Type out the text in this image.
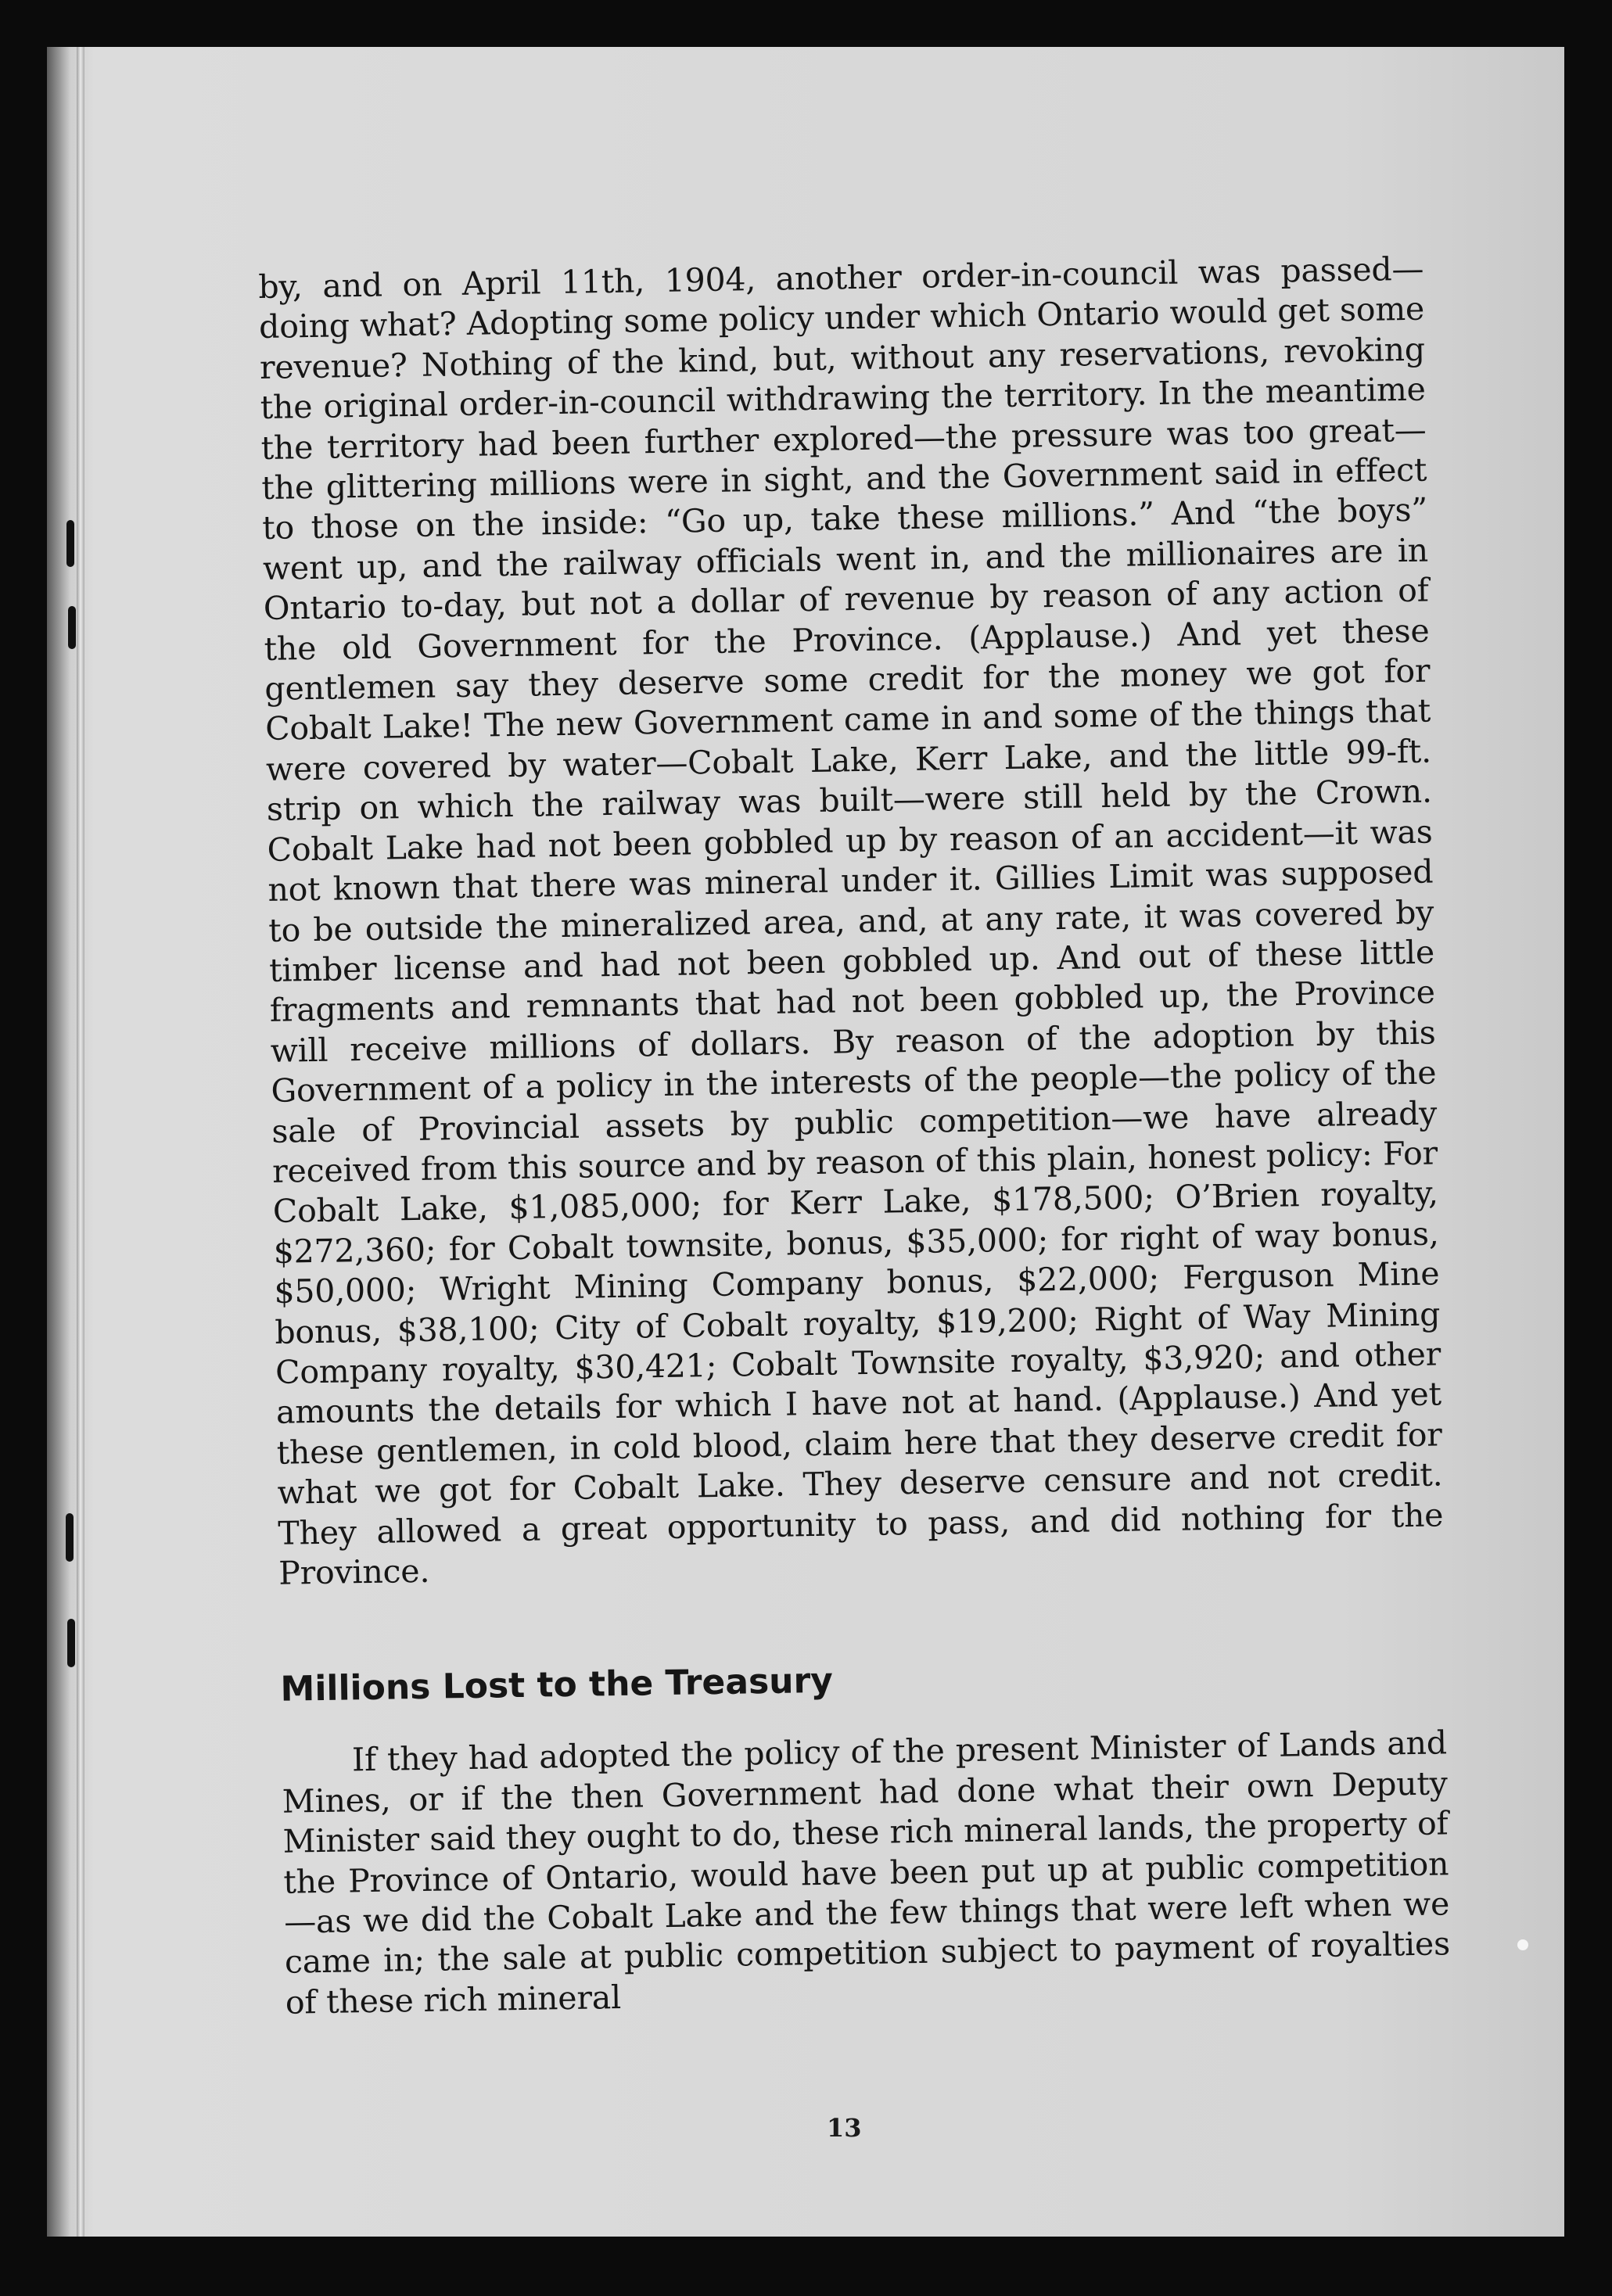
by, and on April 11th, 1904, another order-in-council was passed—doing what? Adopting some policy under which Ontario would get some revenue? Nothing of the kind, but, without any reservations, revoking the original order-in-council withdrawing the territory. In the meantime the territory had been further explored—the pressure was too great—the glittering millions were in sight, and the Government said in effect to those on the inside: “Go up, take these millions.” And “the boys” went up, and the railway officials went in, and the millionaires are in Ontario to-day, but not a dollar of revenue by reason of any action of the old Government for the Province. (Applause.) And yet these gentlemen say they deserve some credit for the money we got for Cobalt Lake! The new Government came in and some of the things that were covered by water—Cobalt Lake, Kerr Lake, and the little 99-ft. strip on which the railway was built—were still held by the Crown. Cobalt Lake had not been gobbled up by reason of an accident—it was not known that there was mineral under it. Gillies Limit was supposed to be outside the mineralized area, and, at any rate, it was covered by timber license and had not been gobbled up. And out of these little fragments and remnants that had not been gobbled up, the Province will receive millions of dollars. By reason of the adoption by this Government of a policy in the interests of the people—the policy of the sale of Provincial assets by public competition—we have already received from this source and by reason of this plain, honest policy: For Cobalt Lake, $1,085,000; for Kerr Lake, $178,500; O’Brien royalty, $272,360; for Cobalt townsite, bonus, $35,000; for right of way bonus, $50,000; Wright Mining Company bonus, $22,000; Ferguson Mine bonus, $38,100; City of Cobalt royalty, $19,200; Right of Way Mining Company royalty, $30,421; Cobalt Townsite royalty, $3,920; and other amounts the details for which I have not at hand. (Applause.) And yet these gentlemen, in cold blood, claim here that they deserve credit for what we got for Cobalt Lake. They deserve censure and not credit. They allowed a great opportunity to pass, and did nothing for the Province.

Millions Lost to the Treasury

If they had adopted the policy of the present Minister of Lands and Mines, or if the then Government had done what their own Deputy Minister said they ought to do, these rich mineral lands, the property of the Province of Ontario, would have been put up at public competition—as we did the Cobalt Lake and the few things that were left when we came in; the sale at public competition subject to payment of royalties of these rich mineral

13
